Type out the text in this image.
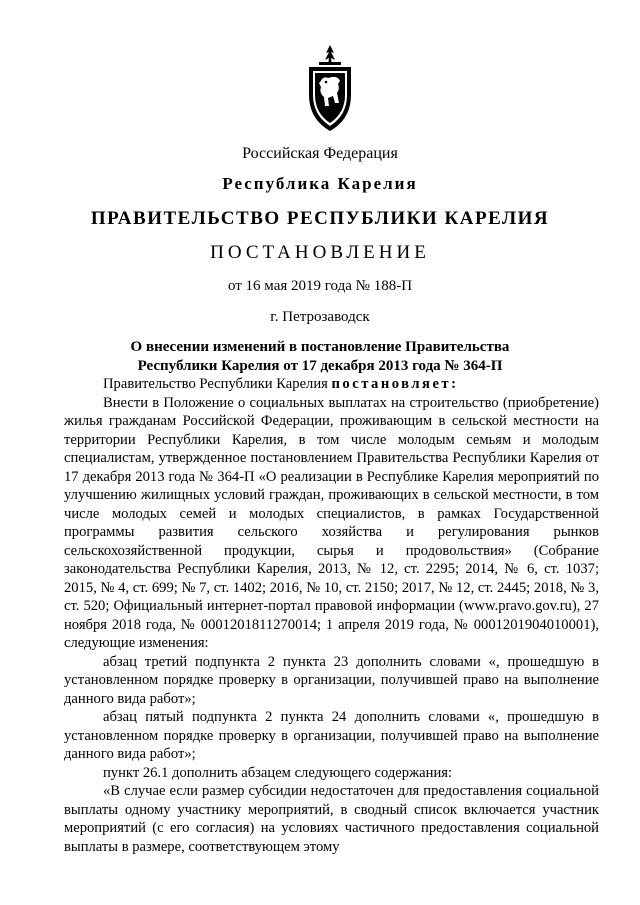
Российская Федерация
Республика Карелия
ПРАВИТЕЛЬСТВО РЕСПУБЛИКИ КАРЕЛИЯ
ПОСТАНОВЛЕНИЕ
от 16 мая 2019 года № 188-П
г. Петрозаводск
О внесении изменений в постановление Правительства
Республики Карелия от 17 декабря 2013 года № 364-П

Правительство Республики Карелия постановляет:

Внести в Положение о социальных выплатах на строительство (приобретение) жилья гражданам Российской Федерации, проживающим в сельской местности на территории Республики Карелия, в том числе молодым семьям и молодым специалистам, утвержденное постановлением Правительства Республики Карелия от 17 декабря 2013 года № 364-П «О реализации в Республике Карелия мероприятий по улучшению жилищных условий граждан, проживающих в сельской местности, в том числе молодых семей и молодых специалистов, в рамках Государственной программы развития сельского хозяйства и регулирования рынков сельскохозяйственной продукции, сырья и продовольствия» (Собрание законодательства Республики Карелия, 2013, № 12, ст. 2295; 2014, № 6, ст. 1037; 2015, № 4, ст. 699; № 7, ст. 1402; 2016, № 10, ст. 2150; 2017, № 12, ст. 2445; 2018, № 3, ст. 520; Официальный интернет-портал правовой информации (www.pravo.gov.ru), 27 ноября 2018 года, № 0001201811270014; 1 апреля 2019 года, № 0001201904010001), следующие изменения:

абзац третий подпункта 2 пункта 23 дополнить словами «, прошедшую в установленном порядке проверку в организации, получившей право на выполнение данного вида работ»;

абзац пятый подпункта 2 пункта 24 дополнить словами «, прошедшую в установленном порядке проверку в организации, получившей право на выполнение данного вида работ»;

пункт 26.1 дополнить абзацем следующего содержания:

«В случае если размер субсидии недостаточен для предоставления социальной выплаты одному участнику мероприятий, в сводный список включается участник мероприятий (с его согласия) на условиях частичного предоставления социальной выплаты в размере, соответствующем этому
